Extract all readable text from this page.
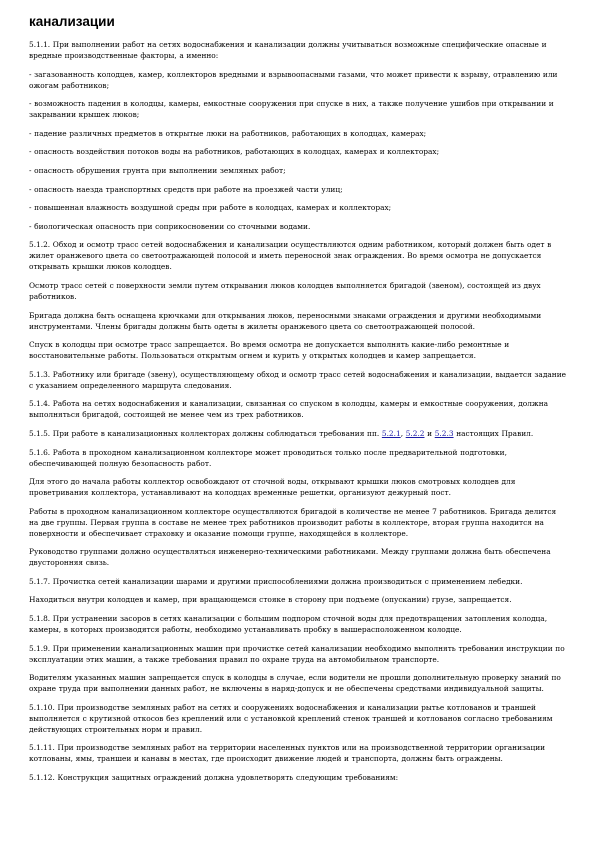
канализации

5.1.1. При выполнении работ на сетях водоснабжения и канализации должны учитываться возможные специфические опасные и вредные производственные факторы, а именно:

- загазованность колодцев, камер, коллекторов вредными и взрывоопасными газами, что может привести к взрыву, отравлению или ожогам работников;

- возможность падения в колодцы, камеры, емкостные сооружения при спуске в них, а также получение ушибов при открывании и закрывании крышек люков;

- падение различных предметов в открытые люки на работников, работающих в колодцах, камерах;

- опасность воздействия потоков воды на работников, работающих в колодцах, камерах и коллекторах;

- опасность обрушения грунта при выполнении земляных работ;

- опасность наезда транспортных средств при работе на проезжей части улиц;

- повышенная влажность воздушной среды при работе в колодцах, камерах и коллекторах;

- биологическая опасность при соприкосновении со сточными водами.

5.1.2. Обход и осмотр трасс сетей водоснабжения и канализации осуществляются одним работником, который должен быть одет в жилет оранжевого цвета со светоотражающей полосой и иметь переносной знак ограждения. Во время осмотра не допускается открывать крышки люков колодцев.

Осмотр трасс сетей с поверхности земли путем открывания люков колодцев выполняется бригадой (звеном), состоящей из двух работников.

Бригада должна быть оснащена крючками для открывания люков, переносными знаками ограждения и другими необходимыми инструментами. Члены бригады должны быть одеты в жилеты оранжевого цвета со светоотражающей полосой.

Спуск в колодцы при осмотре трасс запрещается. Во время осмотра не допускается выполнять какие-либо ремонтные и восстановительные работы. Пользоваться открытым огнем и курить у открытых колодцев и камер запрещается.

5.1.3. Работнику или бригаде (звену), осуществляющему обход и осмотр трасс сетей водоснабжения и канализации, выдается задание с указанием определенного маршрута следования.

5.1.4. Работа на сетях водоснабжения и канализации, связанная со спуском в колодцы, камеры и емкостные сооружения, должна выполняться бригадой, состоящей не менее чем из трех работников.

5.1.5. При работе в канализационных коллекторах должны соблюдаться требования пп. 5.2.1, 5.2.2 и 5.2.3 настоящих Правил.

5.1.6. Работа в проходном канализационном коллекторе может проводиться только после предварительной подготовки, обеспечивающей полную безопасность работ.

Для этого до начала работы коллектор освобождают от сточной воды, открывают крышки люков смотровых колодцев для проветривания коллектора, устанавливают на колодцах временные решетки, организуют дежурный пост.

Работы в проходном канализационном коллекторе осуществляются бригадой в количестве не менее 7 работников. Бригада делится на две группы. Первая группа в составе не менее трех работников производит работы в коллекторе, вторая группа находится на поверхности и обеспечивает страховку и оказание помощи группе, находящейся в коллекторе.

Руководство группами должно осуществляться инженерно-техническими работниками. Между группами должна быть обеспечена двусторонняя связь.

5.1.7. Прочистка сетей канализации шарами и другими приспособлениями должна производиться с применением лебедки.

Находиться внутри колодцев и камер, при вращающемся стояке в сторону при подъеме (опускании) грузе, запрещается.

5.1.8. При устранении засоров в сетях канализации с большим подпором сточной воды для предотвращения затопления колодца, камеры, в которых производятся работы, необходимо устанавливать пробку в вышерасположенном колодце.

5.1.9. При применении канализационных машин при прочистке сетей канализации необходимо выполнять требования инструкции по эксплуатации этих машин, а также требования правил по охране труда на автомобильном транспорте.

Водителям указанных машин запрещается спуск в колодцы в случае, если водители не прошли дополнительную проверку знаний по охране труда при выполнении данных работ, не включены в наряд-допуск и не обеспечены средствами индивидуальной защиты.

5.1.10. При производстве земляных работ на сетях и сооружениях водоснабжения и канализации рытье котлованов и траншей выполняется с крутизной откосов без креплений или с установкой креплений стенок траншей и котлованов согласно требованиям действующих строительных норм и правил.

5.1.11. При производстве земляных работ на территории населенных пунктов или на производственной территории организации котлованы, ямы, траншеи и канавы в местах, где происходит движение людей и транспорта, должны быть ограждены.

5.1.12. Конструкция защитных ограждений должна удовлетворять следующим требованиям:
